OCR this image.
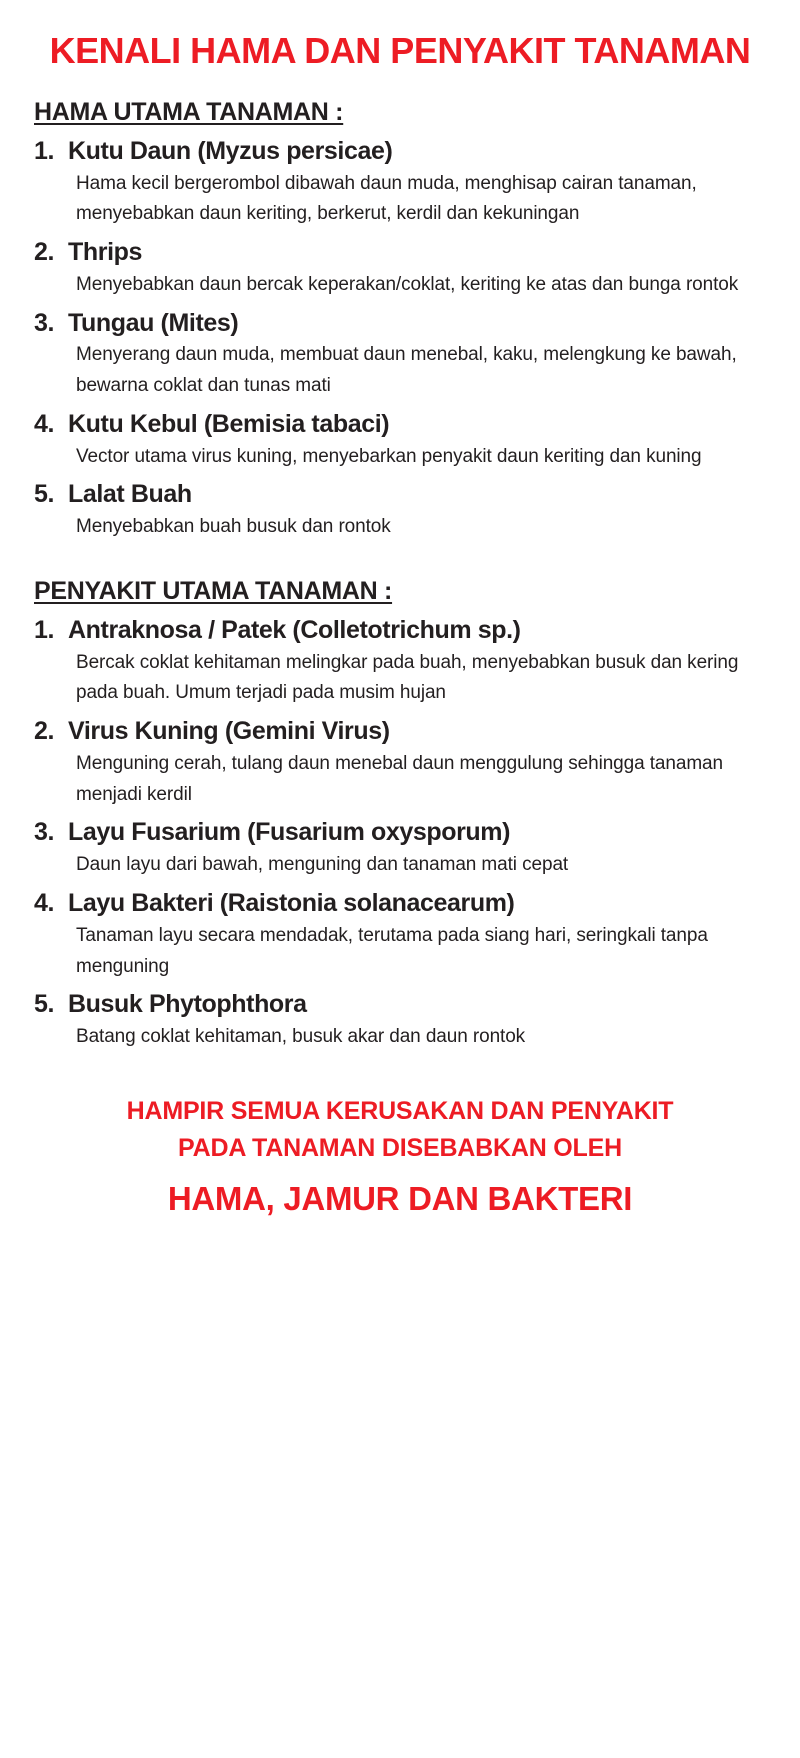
KENALI HAMA DAN PENYAKIT TANAMAN
HAMA UTAMA TANAMAN :
1. Kutu Daun (Myzus persicae)

Hama kecil bergerombol dibawah daun muda, menghisap cairan tanaman, menyebabkan daun keriting, berkerut, kerdil dan kekuningan

2. Thrips

Menyebabkan daun bercak keperakan/coklat, keriting ke atas dan bunga rontok

3. Tungau (Mites)

Menyerang daun muda, membuat daun menebal, kaku, melengkung ke bawah, bewarna coklat dan tunas mati

4. Kutu Kebul (Bemisia tabaci)

Vector utama virus kuning, menyebarkan penyakit daun keriting dan kuning

5. Lalat Buah

Menyebabkan buah busuk dan rontok

PENYAKIT UTAMA TANAMAN :
1. Antraknosa / Patek (Colletotrichum sp.)

Bercak coklat kehitaman melingkar pada buah, menyebabkan busuk dan kering pada buah. Umum terjadi pada musim hujan

2. Virus Kuning (Gemini Virus)

Menguning cerah, tulang daun menebal daun menggulung sehingga tanaman menjadi kerdil

3. Layu Fusarium (Fusarium oxysporum)

Daun layu dari bawah, menguning dan tanaman mati cepat

4. Layu Bakteri (Raistonia solanacearum)

Tanaman layu secara mendadak, terutama pada siang hari, seringkali tanpa menguning

5. Busuk Phytophthora

Batang coklat kehitaman, busuk akar dan daun rontok

HAMPIR SEMUA KERUSAKAN DAN PENYAKIT
PADA TANAMAN DISEBABKAN OLEH
HAMA, JAMUR DAN BAKTERI
